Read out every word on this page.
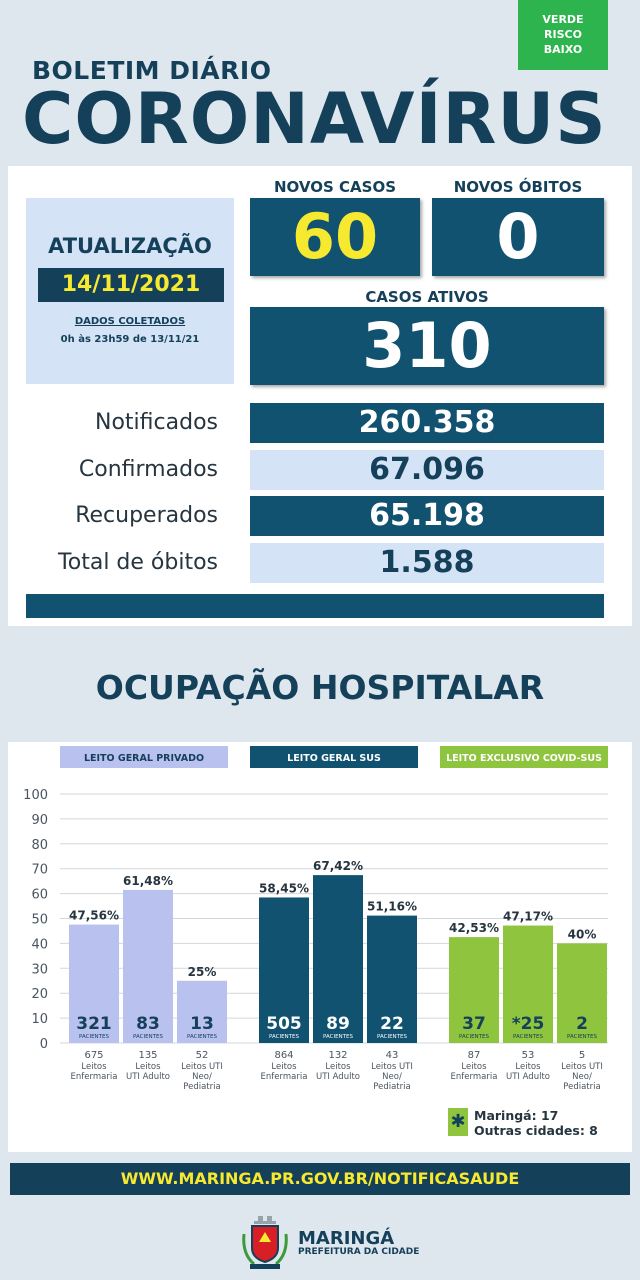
VERDE
RISCO
BAIXO
BOLETIM DIÁRIO
CORONAVÍRUS
ATUALIZAÇÃO
14/11/2021
DADOS COLETADOS
0h às 23h59 de 13/11/21
NOVOS CASOS
60
NOVOS ÓBITOS
0
CASOS ATIVOS
310
Notificados	260.358
Confirmados	67.096
Recuperados	65.198
Total de óbitos	1.588
OCUPAÇÃO HOSPITALAR
0
10
20
30
40
50
60
70
80
90
100
LEITO GERAL PRIVADO
47,56%
321
PACIENTES
675
Leitos
Enfermaria
61,48%
83
PACIENTES
135
Leitos
UTI Adulto
25%
13
PACIENTES
52
Leitos UTI
Neo/
Pediatria
LEITO GERAL SUS
58,45%
505
PACIENTES
864
Leitos
Enfermaria
67,42%
89
PACIENTES
132
Leitos
UTI Adulto
51,16%
22
PACIENTES
43
Leitos UTI
Neo/
Pediatria
LEITO EXCLUSIVO COVID-SUS
42,53%
37
PACIENTES
87
Leitos
Enfermaria
47,17%
*25
PACIENTES
53
Leitos
UTI Adulto
40%
2
PACIENTES
5
Leitos UTI
Neo/
Pediatria
✱ Maringá: 17
Outras cidades: 8
WWW.MARINGA.PR.GOV.BR/NOTIFICASAUDE
MARINGÁ
PREFEITURA DA CIDADE
